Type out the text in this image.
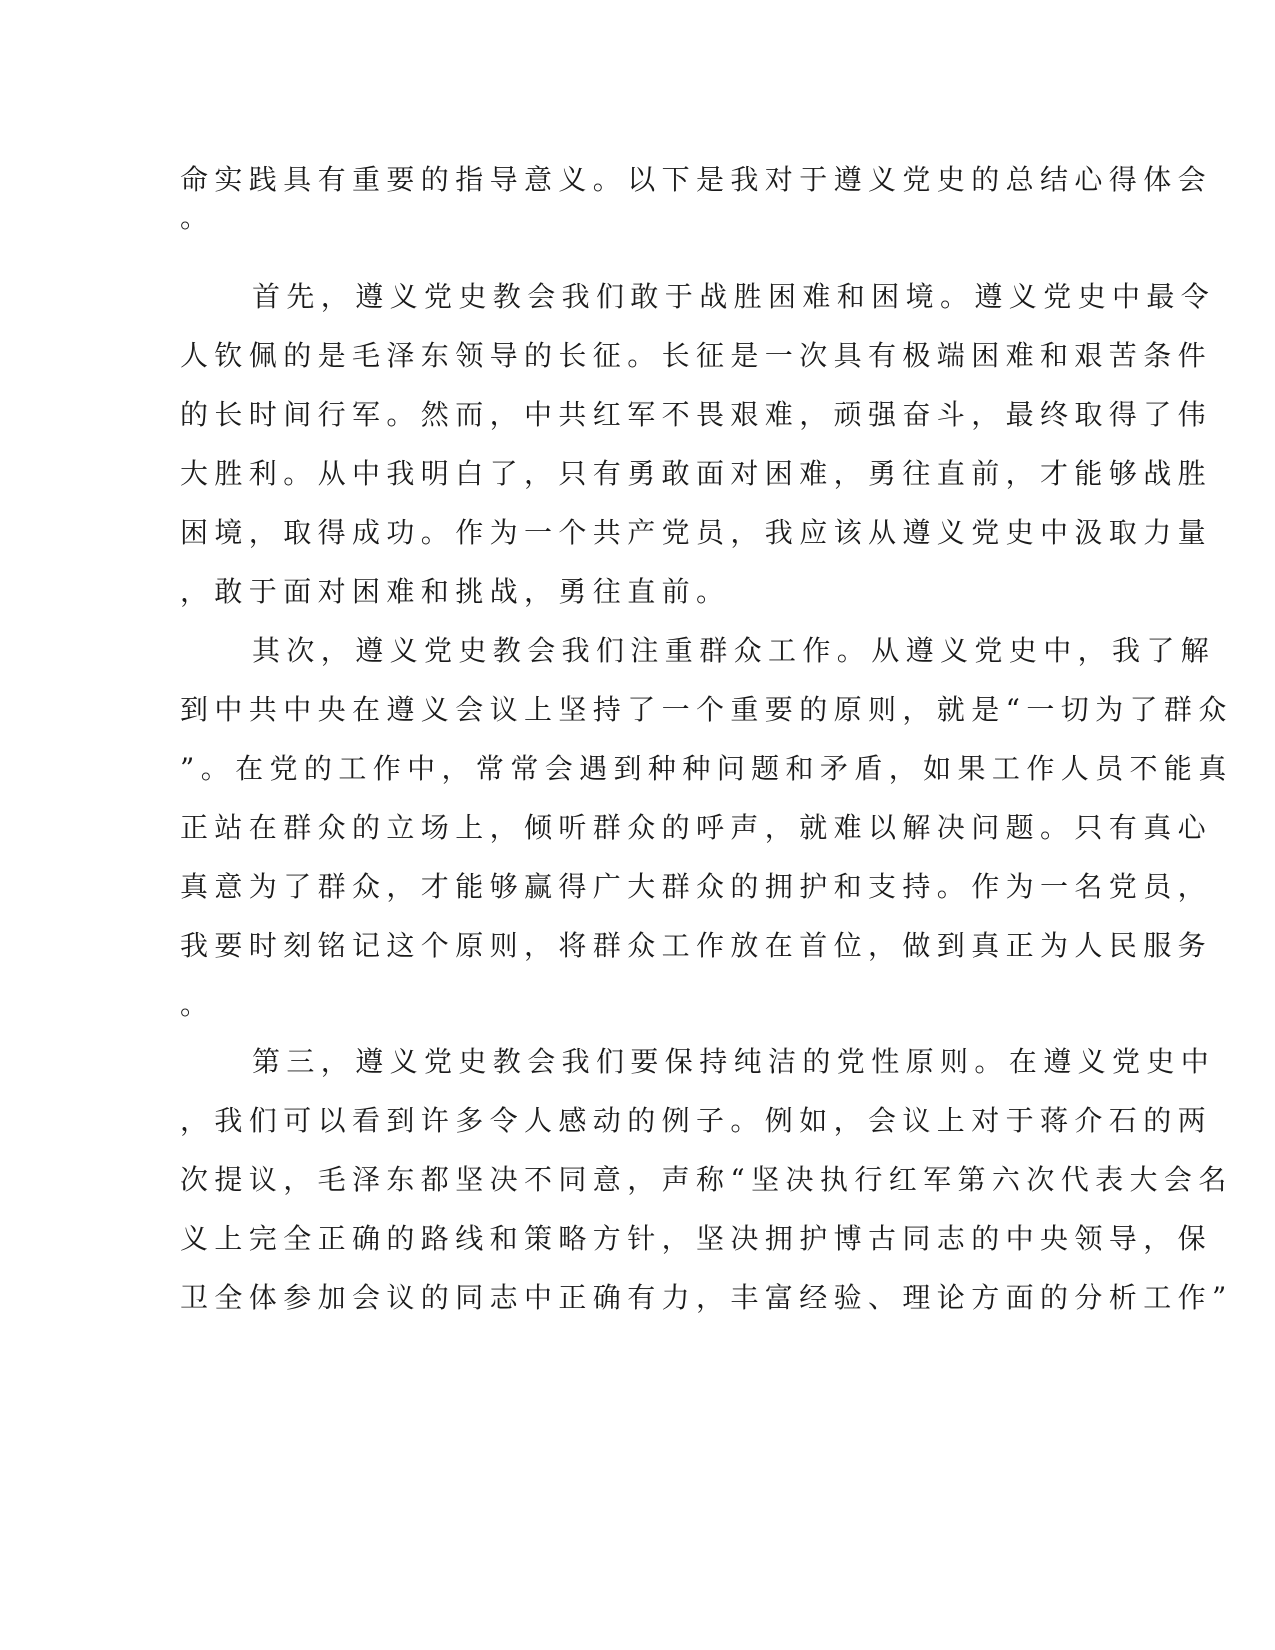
命实践具有重要的指导意义。以下是我对于遵义党史的总结心得体会
。
首先，遵义党史教会我们敢于战胜困难和困境。遵义党史中最令
人钦佩的是毛泽东领导的长征。长征是一次具有极端困难和艰苦条件
的长时间行军。然而，中共红军不畏艰难，顽强奋斗，最终取得了伟
大胜利。从中我明白了，只有勇敢面对困难，勇往直前，才能够战胜
困境，取得成功。作为一个共产党员，我应该从遵义党史中汲取力量
，敢于面对困难和挑战，勇往直前。
其次，遵义党史教会我们注重群众工作。从遵义党史中，我了解
到中共中央在遵义会议上坚持了一个重要的原则，就是“一切为了群众
”。在党的工作中，常常会遇到种种问题和矛盾，如果工作人员不能真
正站在群众的立场上，倾听群众的呼声，就难以解决问题。只有真心
真意为了群众，才能够赢得广大群众的拥护和支持。作为一名党员，
我要时刻铭记这个原则，将群众工作放在首位，做到真正为人民服务
。
第三，遵义党史教会我们要保持纯洁的党性原则。在遵义党史中
，我们可以看到许多令人感动的例子。例如，会议上对于蒋介石的两
次提议，毛泽东都坚决不同意，声称“坚决执行红军第六次代表大会名
义上完全正确的路线和策略方针，坚决拥护博古同志的中央领导，保
卫全体参加会议的同志中正确有力，丰富经验、理论方面的分析工作”
